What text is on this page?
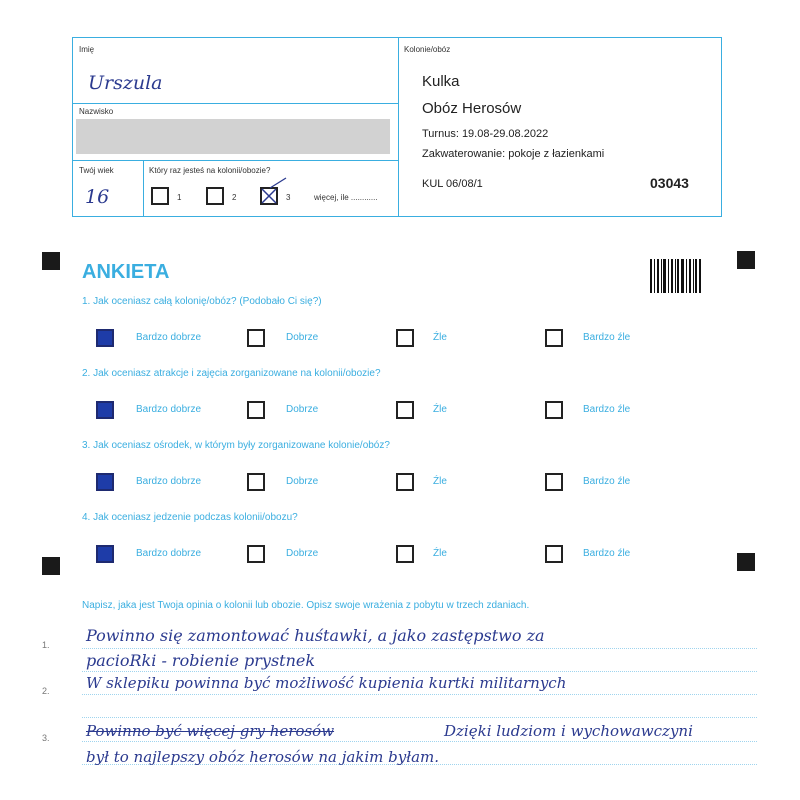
Imię
Urszula
Nazwisko
Twój wiek
16
Który raz jesteś na kolonii/obozie?
1	2	3	więcej, ile ............
Kolonie/obóz
Kulka
Obóz Herosów
Turnus: 19.08-29.08.2022
Zakwaterowanie: pokoje z łazienkami
KUL 06/08/1	03043
ANKIETA
1. Jak oceniasz całą kolonię/obóz? (Podobało Ci się?)
Bardzo dobrze	Dobrze	Źle	Bardzo źle
2. Jak oceniasz atrakcje i zajęcia zorganizowane na kolonii/obozie?
Bardzo dobrze	Dobrze	Źle	Bardzo źle
3. Jak oceniasz ośrodek, w którym były zorganizowane kolonie/obóz?
Bardzo dobrze	Dobrze	Źle	Bardzo źle
4. Jak oceniasz jedzenie podczas kolonii/obozu?
Bardzo dobrze	Dobrze	Źle	Bardzo źle
Napisz, jaka jest Twoja opinia o kolonii lub obozie. Opisz swoje wrażenia z pobytu w trzech zdaniach.
1.
2.
3.
Powinno się zamontować huśtawki, a jako zastępstwo za
pacioRki - robienie prystnek
W sklepiku powinna być możliwość kupienia kurtki militarnych
Powinno być więcej gry herosów	Dzięki ludziom i wychowawczyni
był to najlepszy obóz herosów na jakim byłam.
